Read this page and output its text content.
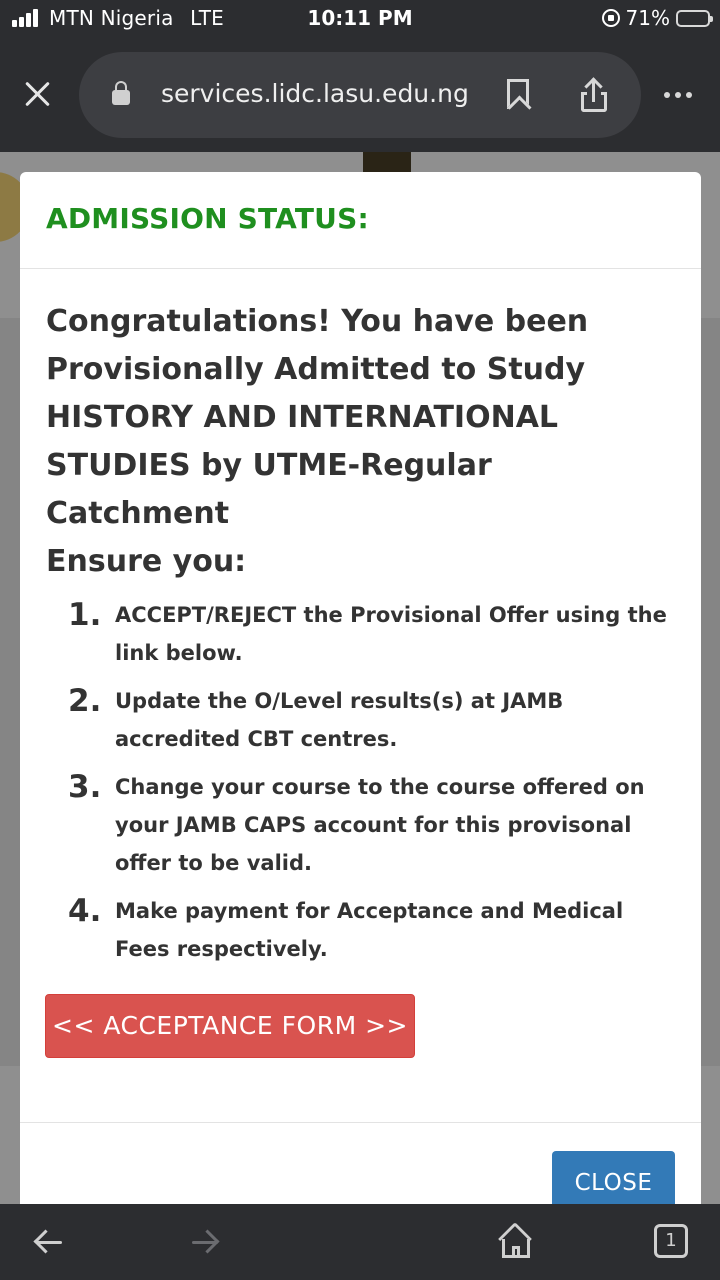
MTN Nigeria LTE	10:11 PM	71%
services.lidc.lasu.edu.ng
ADMISSION STATUS:
Congratulations! You have been Provisionally Admitted to Study HISTORY AND INTERNATIONAL STUDIES by UTME-Regular Catchment
Ensure you:
1. ACCEPT/REJECT the Provisional Offer using the link below.
2. Update the O/Level results(s) at JAMB accredited CBT centres.
3. Change your course to the course offered on your JAMB CAPS account for this provisonal offer to be valid.
4. Make payment for Acceptance and Medical Fees respectively.
<< ACCEPTANCE FORM >>
CLOSE
1
